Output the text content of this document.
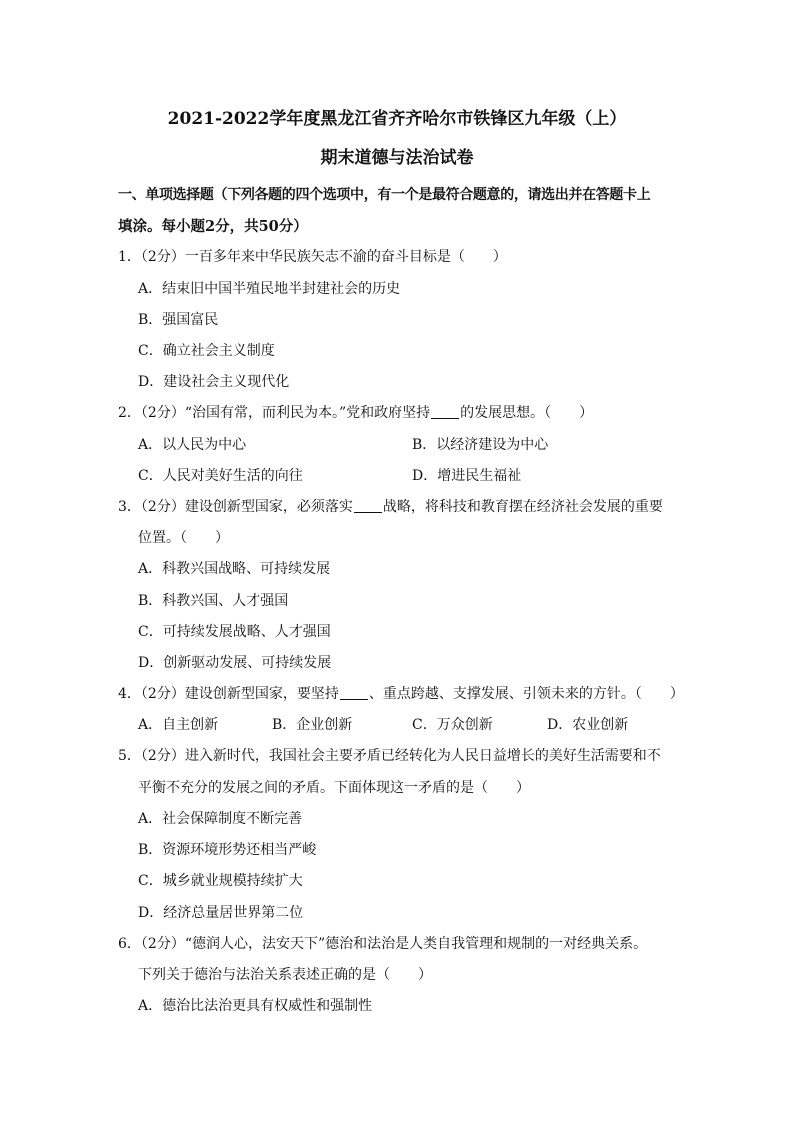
2021-2022学年度黑龙江省齐齐哈尔市铁锋区九年级（上）
期末道德与法治试卷
一、单项选择题（下列各题的四个选项中，有一个是最符合题意的，请选出并在答题卡上
填涂。每小题2分，共50分）
1．（2分）一百多年来中华民族矢志不渝的奋斗目标是（　　）
A．结束旧中国半殖民地半封建社会的历史
B．强国富民
C．确立社会主义制度
D．建设社会主义现代化
2．（2分）“治国有常，而利民为本。”党和政府坚持 的发展思想。（　　）
A．以人民为中心	B．以经济建设为中心
C．人民对美好生活的向往	D．增进民生福祉
3．（2分）建设创新型国家，必须落实 战略，将科技和教育摆在经济社会发展的重要
位置。（　　）
A．科教兴国战略、可持续发展
B．科教兴国、人才强国
C．可持续发展战略、人才强国
D．创新驱动发展、可持续发展
4．（2分）建设创新型国家，要坚持 、重点跨越、支撑发展、引领未来的方针。（　　）
A．自主创新	B．企业创新	C．万众创新	D．农业创新
5．（2分）进入新时代，我国社会主要矛盾已经转化为人民日益增长的美好生活需要和不
平衡不充分的发展之间的矛盾。下面体现这一矛盾的是（　　）
A．社会保障制度不断完善
B．资源环境形势还相当严峻
C．城乡就业规模持续扩大
D．经济总量居世界第二位
6．（2分）“德润人心，法安天下”德治和法治是人类自我管理和规制的一对经典关系。
下列关于德治与法治关系表述正确的是（　　）
A．德治比法治更具有权威性和强制性
